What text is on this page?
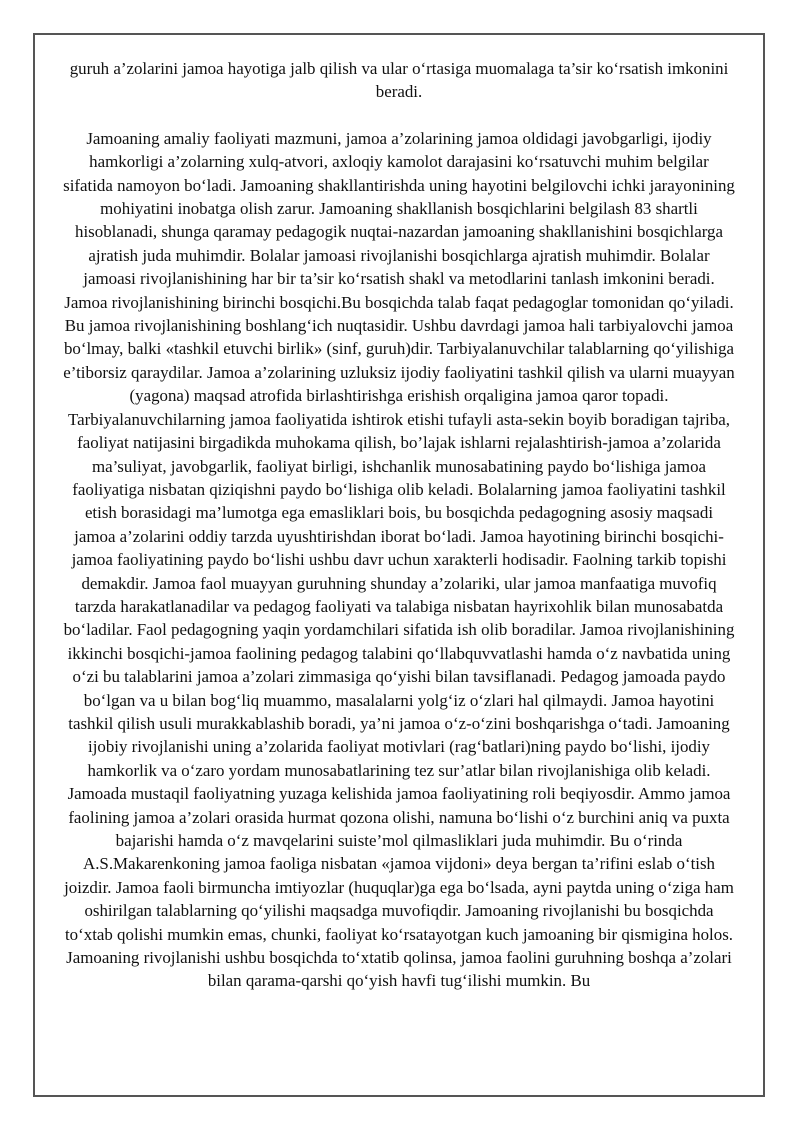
guruh a’zolarini jamoa hayotiga jalb qilish va ular o‘rtasiga muomalaga ta’sir ko‘rsatish imkonini beradi.

Jamoaning amaliy faoliyati mazmuni, jamoa a’zolarining jamoa oldidagi javobgarligi, ijodiy hamkorligi a’zolarning xulq-atvori, axloqiy kamolot darajasini ko‘rsatuvchi muhim belgilar sifatida namoyon bo‘ladi. Jamoaning shakllantirishda uning hayotini belgilovchi ichki jarayonining mohiyatini inobatga olish zarur. Jamoaning shakllanish bosqichlarini belgilash 83 shartli hisoblanadi, shunga qaramay pedagogik nuqtai-nazardan jamoaning shakllanishini bosqichlarga ajratish juda muhimdir. Bolalar jamoasi rivojlanishi bosqichlarga ajratish muhimdir. Bolalar jamoasi rivojlanishining har bir ta’sir ko‘rsatish shakl va metodlarini tanlash imkonini beradi. Jamoa rivojlanishining birinchi bosqichi.Bu bosqichda talab faqat pedagoglar tomonidan qo‘yiladi. Bu jamoa rivojlanishining boshlang‘ich nuqtasidir. Ushbu davrdagi jamoa hali tarbiyalovchi jamoa bo‘lmay, balki «tashkil etuvchi birlik» (sinf, guruh)dir. Tarbiyalanuvchilar talablarning qo‘yilishiga e’tiborsiz qaraydilar. Jamoa a’zolarining uzluksiz ijodiy faoliyatini tashkil qilish va ularni muayyan (yagona) maqsad atrofida birlashtirishga erishish orqaligina jamoa qaror topadi. Tarbiyalanuvchilarning jamoa faoliyatida ishtirok etishi tufayli asta-sekin boyib boradigan tajriba, faoliyat natijasini birgadikda muhokama qilish, bo’lajak ishlarni rejalashtirish-jamoa a’zolarida ma’suliyat, javobgarlik, faoliyat birligi, ishchanlik munosabatining paydo bo‘lishiga jamoa faoliyatiga nisbatan qiziqishni paydo bo‘lishiga olib keladi. Bolalarning jamoa faoliyatini tashkil etish borasidagi ma’lumotga ega emasliklari bois, bu bosqichda pedagogning asosiy maqsadi jamoa a’zolarini oddiy tarzda uyushtirishdan iborat bo‘ladi. Jamoa hayotining birinchi bosqichi- jamoa faoliyatining paydo bo‘lishi ushbu davr uchun xarakterli hodisadir. Faolning tarkib topishi demakdir. Jamoa faol muayyan guruhning shunday a’zolariki, ular jamoa manfaatiga muvofiq tarzda harakatlanadilar va pedagog faoliyati va talabiga nisbatan hayrixohlik bilan munosabatda bo‘ladilar. Faol pedagogning yaqin yordamchilari sifatida ish olib boradilar. Jamoa rivojlanishining ikkinchi bosqichi-jamoa faolining pedagog talabini qo‘llabquvvatlashi hamda o‘z navbatida uning o‘zi bu talablarini jamoa a’zolari zimmasiga qo‘yishi bilan tavsiflanadi. Pedagog jamoada paydo bo‘lgan va u bilan bog‘liq muammo, masalalarni yolg‘iz o‘zlari hal qilmaydi. Jamoa hayotini tashkil qilish usuli murakkablashib boradi, ya’ni jamoa o‘z-o‘zini boshqarishga o‘tadi. Jamoaning ijobiy rivojlanishi uning a’zolarida faoliyat motivlari (rag‘batlari)ning paydo bo‘lishi, ijodiy hamkorlik va o‘zaro yordam munosabatlarining tez sur’atlar bilan rivojlanishiga olib keladi. Jamoada mustaqil faoliyatning yuzaga kelishida jamoa faoliyatining roli beqiyosdir. Ammo jamoa faolining jamoa a’zolari orasida hurmat qozona olishi, namuna bo‘lishi o‘z burchini aniq va puxta bajarishi hamda o‘z mavqelarini suiste’mol qilmasliklari juda muhimdir. Bu o‘rinda A.S.Makarenkoning jamoa faoliga nisbatan «jamoa vijdoni» deya bergan ta’rifini eslab o‘tish joizdir. Jamoa faoli birmuncha imtiyozlar (huquqlar)ga ega bo‘lsada, ayni paytda uning o‘ziga ham oshirilgan talablarning qo‘yilishi maqsadga muvofiqdir. Jamoaning rivojlanishi bu bosqichda to‘xtab qolishi mumkin emas, chunki, faoliyat ko‘rsatayotgan kuch jamoaning bir qismigina holos. Jamoaning rivojlanishi ushbu bosqichda to‘xtatib qolinsa, jamoa faolini guruhning boshqa a’zolari bilan qarama-qarshi qo‘yish havfi tug‘ilishi mumkin. Bu
